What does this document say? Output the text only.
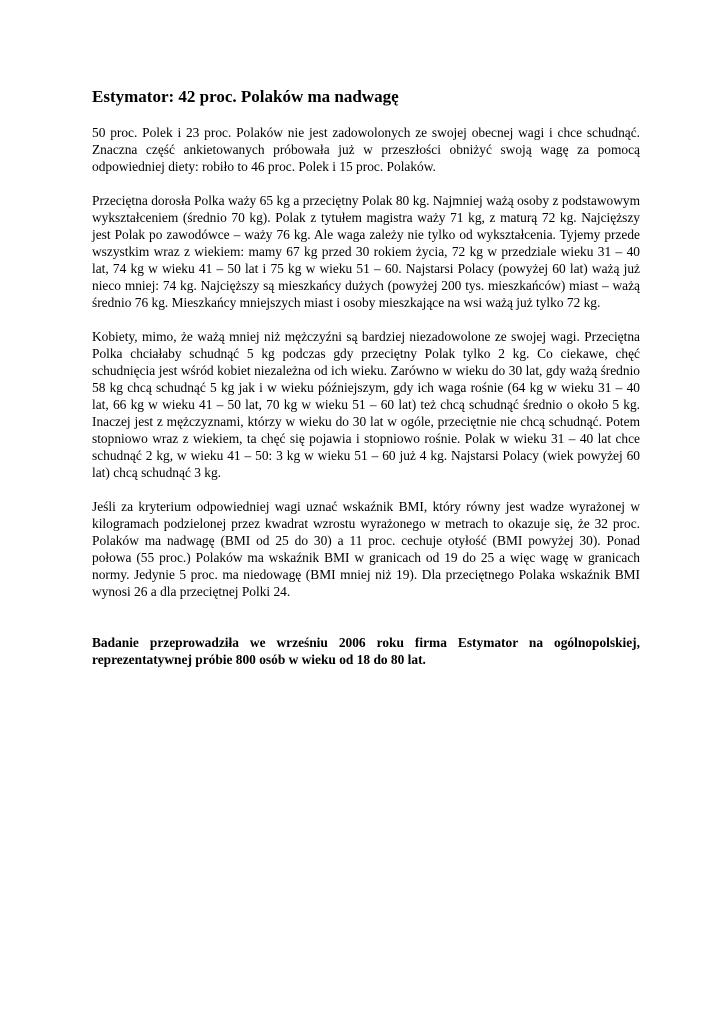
Estymator: 42 proc. Polaków ma nadwagę

50 proc. Polek i 23 proc. Polaków nie jest zadowolonych ze swojej obecnej wagi i chce schudnąć. Znaczna część ankietowanych próbowała już w przeszłości obniżyć swoją wagę za pomocą odpowiedniej diety: robiło to 46 proc. Polek i 15 proc. Polaków.

Przeciętna dorosła Polka waży 65 kg a przeciętny Polak 80 kg. Najmniej ważą osoby z podstawowym wykształceniem (średnio 70 kg). Polak z tytułem magistra waży 71 kg, z maturą 72 kg. Najcięższy jest Polak po zawodówce – waży 76 kg. Ale waga zależy nie tylko od wykształcenia. Tyjemy przede wszystkim wraz z wiekiem: mamy 67 kg przed 30 rokiem życia, 72 kg w przedziale wieku 31 – 40 lat, 74 kg w wieku 41 – 50 lat i 75 kg w wieku 51 – 60. Najstarsi Polacy (powyżej 60 lat) ważą już nieco mniej: 74 kg. Najcięższy są mieszkańcy dużych (powyżej 200 tys. mieszkańców) miast – ważą średnio 76 kg. Mieszkańcy mniejszych miast i osoby mieszkające na wsi ważą już tylko 72 kg.

Kobiety, mimo, że ważą mniej niż mężczyźni są bardziej niezadowolone ze swojej wagi. Przeciętna Polka chciałaby schudnąć 5 kg podczas gdy przeciętny Polak tylko 2 kg. Co ciekawe, chęć schudnięcia jest wśród kobiet niezależna od ich wieku. Zarówno w wieku do 30 lat, gdy ważą średnio 58 kg chcą schudnąć 5 kg jak i w wieku późniejszym, gdy ich waga rośnie (64 kg w wieku 31 – 40 lat, 66 kg w wieku 41 – 50 lat, 70 kg w wieku 51 – 60 lat) też chcą schudnąć średnio o około 5 kg. Inaczej jest z mężczyznami, którzy w wieku do 30 lat w ogóle, przeciętnie nie chcą schudnąć. Potem stopniowo wraz z wiekiem, ta chęć się pojawia i stopniowo rośnie. Polak w wieku 31 – 40 lat chce schudnąć 2 kg, w wieku 41 – 50: 3 kg w wieku 51 – 60 już 4 kg. Najstarsi Polacy (wiek powyżej 60 lat) chcą schudnąć 3 kg.

Jeśli za kryterium odpowiedniej wagi uznać wskaźnik BMI, który równy jest wadze wyrażonej w kilogramach podzielonej przez kwadrat wzrostu wyrażonego w metrach to okazuje się, że 32 proc. Polaków ma nadwagę (BMI od 25 do 30) a 11 proc. cechuje otyłość (BMI powyżej 30). Ponad połowa (55 proc.) Polaków ma wskaźnik BMI w granicach od 19 do 25 a więc wagę w granicach normy. Jedynie 5 proc. ma niedowagę (BMI mniej niż 19). Dla przeciętnego Polaka wskaźnik BMI wynosi 26 a dla przeciętnej Polki 24.

Badanie przeprowadziła we wrześniu 2006 roku firma Estymator na ogólnopolskiej, reprezentatywnej próbie 800 osób w wieku od 18 do 80 lat.
